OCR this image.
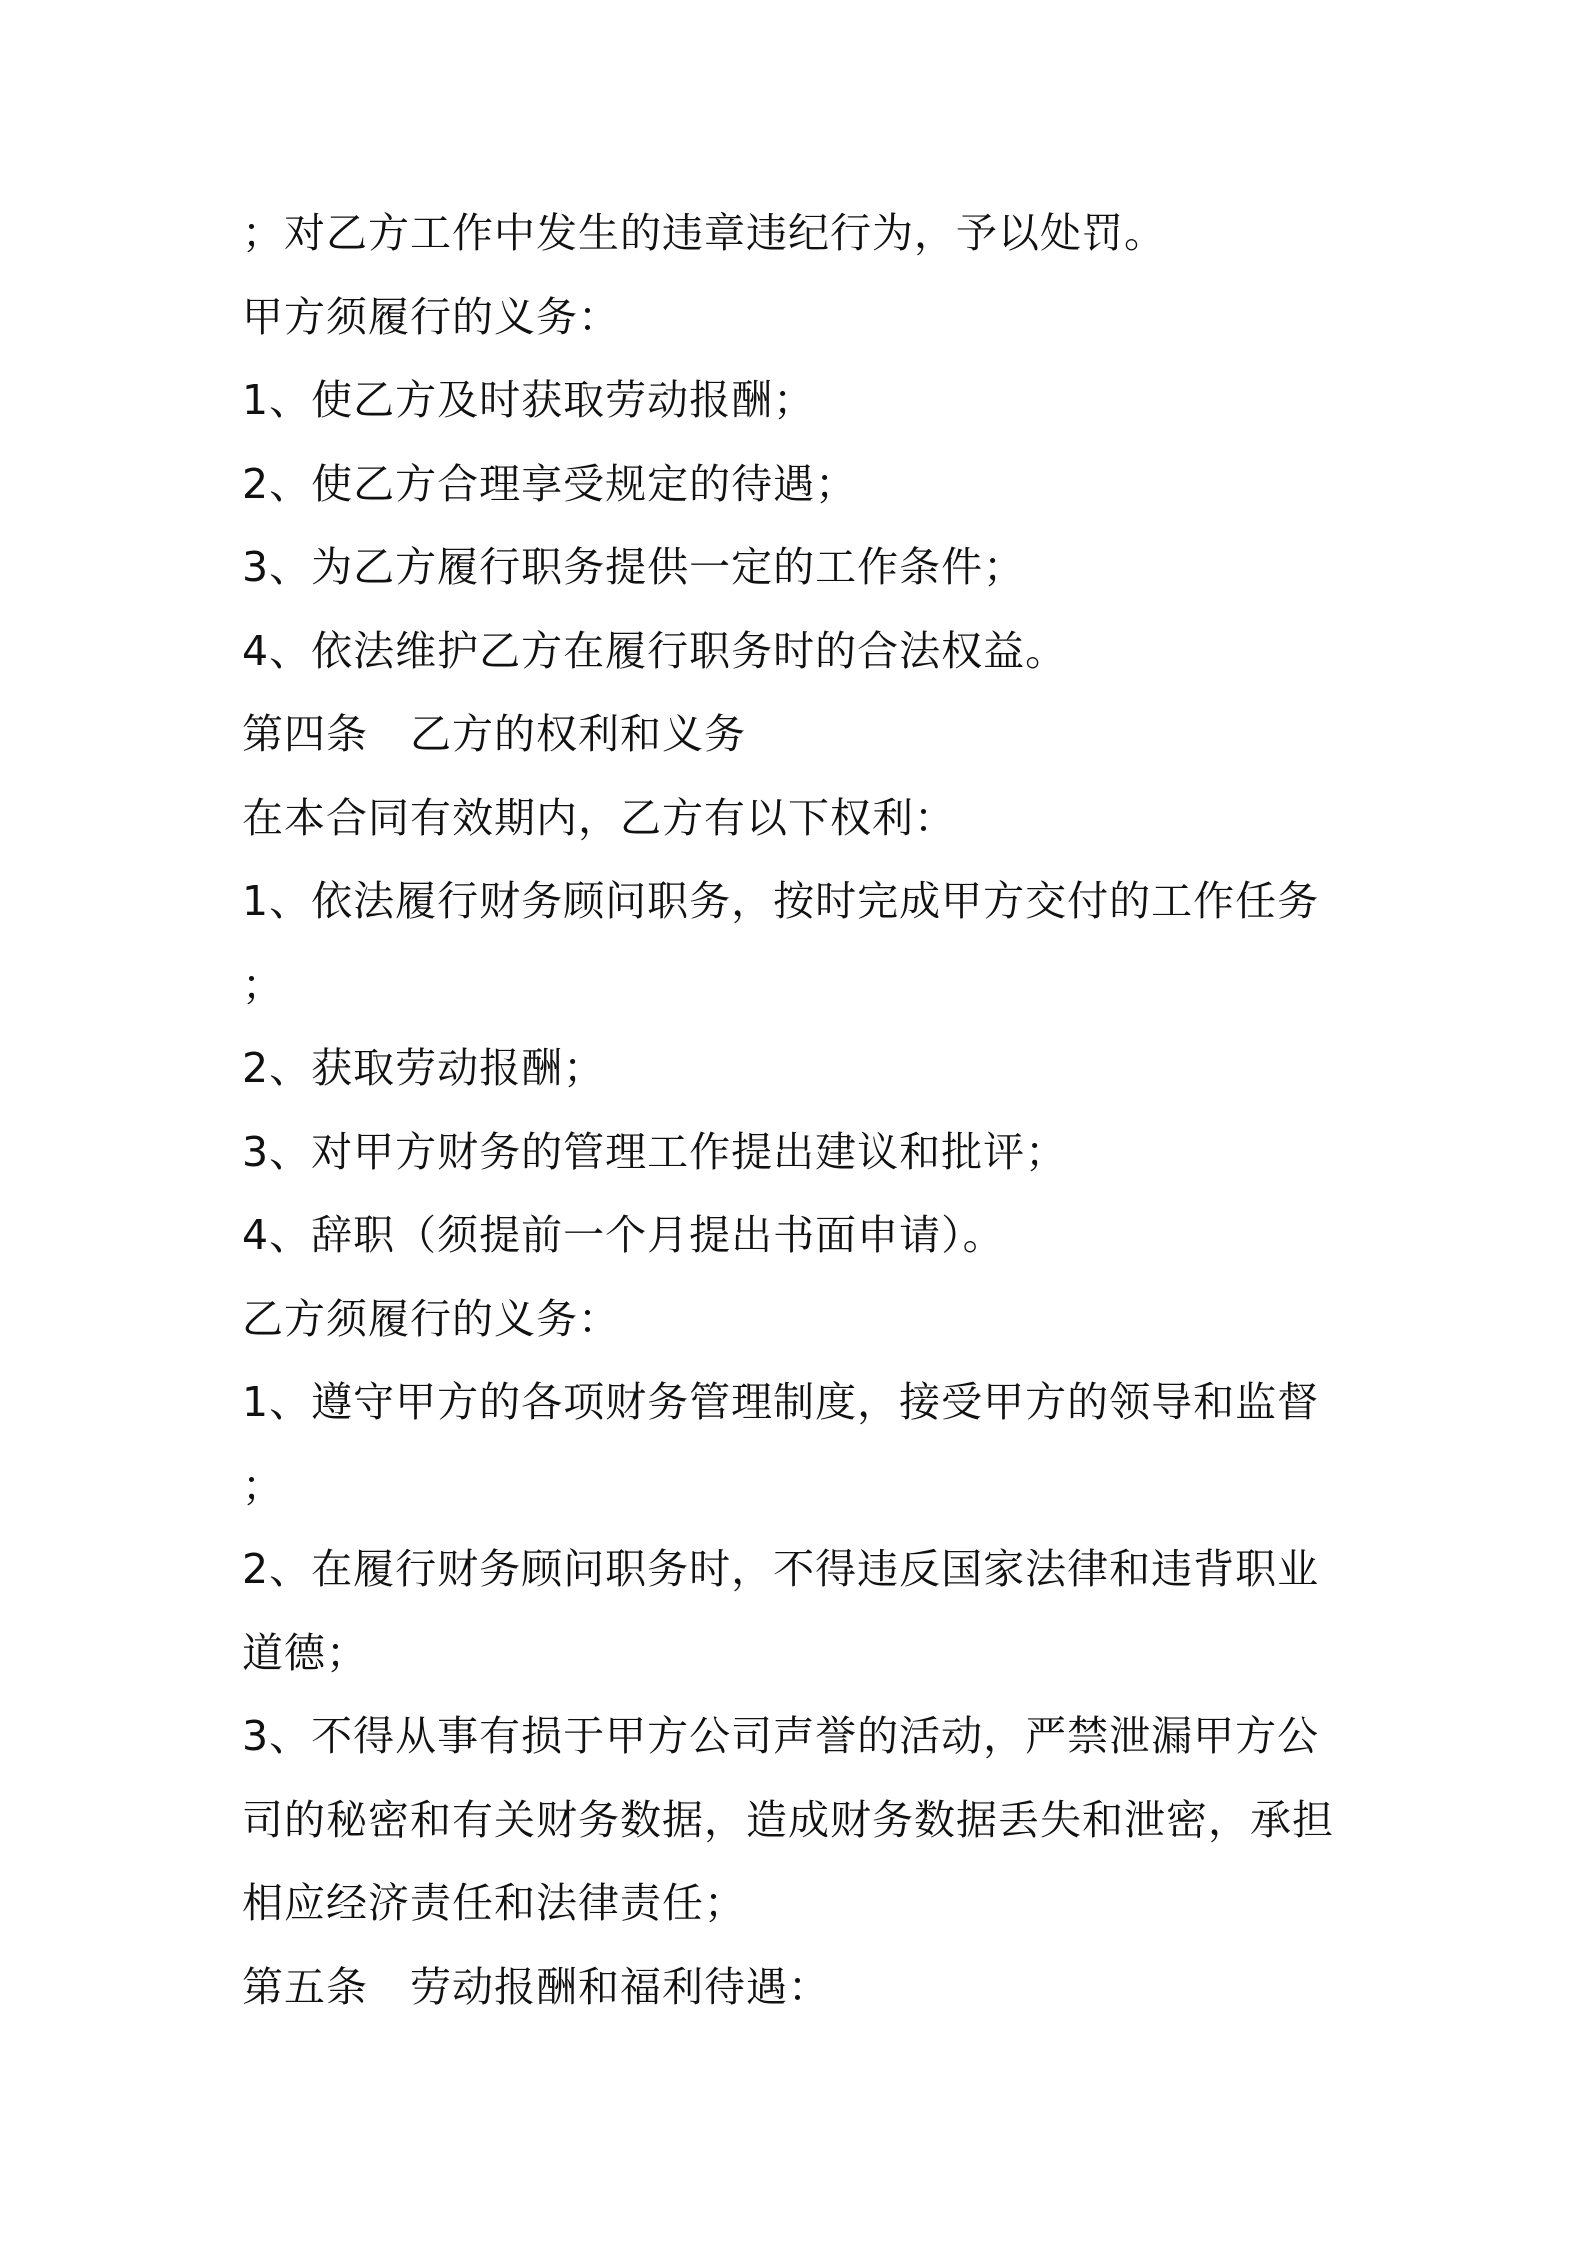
；对乙方工作中发生的违章违纪行为，予以处罚。
甲方须履行的义务：
1、使乙方及时获取劳动报酬；
2、使乙方合理享受规定的待遇；
3、为乙方履行职务提供一定的工作条件；
4、依法维护乙方在履行职务时的合法权益。
第四条　乙方的权利和义务
在本合同有效期内，乙方有以下权利：
1、依法履行财务顾问职务，按时完成甲方交付的工作任务
；
2、获取劳动报酬；
3、对甲方财务的管理工作提出建议和批评；
4、辞职（须提前一个月提出书面申请）。
乙方须履行的义务：
1、遵守甲方的各项财务管理制度，接受甲方的领导和监督
；
2、在履行财务顾问职务时，不得违反国家法律和违背职业
道德；
3、不得从事有损于甲方公司声誉的活动，严禁泄漏甲方公
司的秘密和有关财务数据，造成财务数据丢失和泄密，承担
相应经济责任和法律责任；
第五条　劳动报酬和福利待遇：
